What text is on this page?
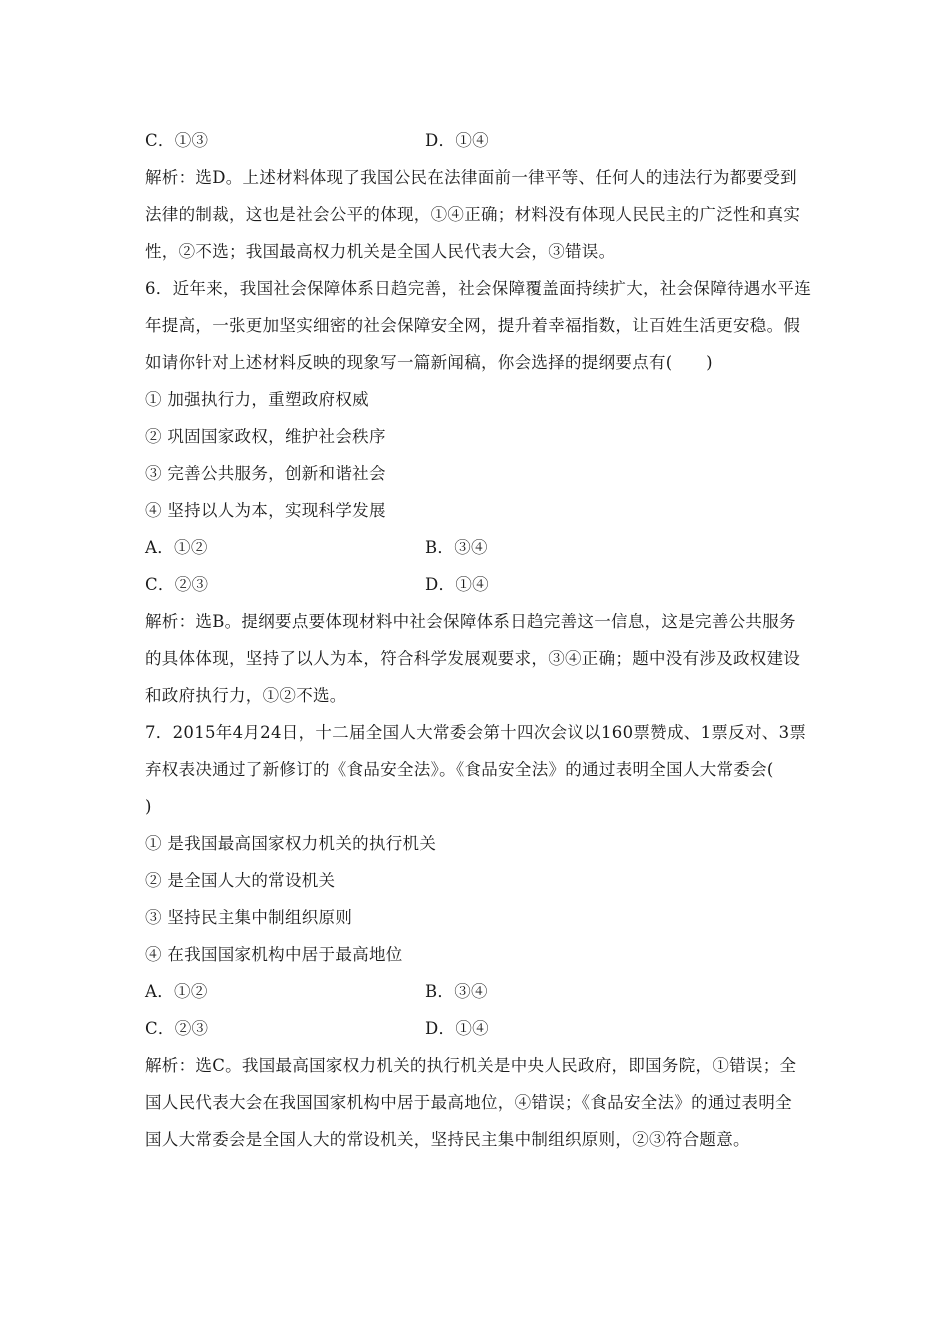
C．①③	D．①④
解析：选D。上述材料体现了我国公民在法律面前一律平等、任何人的违法行为都要受到
法律的制裁，这也是社会公平的体现，①④正确；材料没有体现人民民主的广泛性和真实
性，②不选；我国最高权力机关是全国人民代表大会，③错误。
6．近年来，我国社会保障体系日趋完善，社会保障覆盖面持续扩大，社会保障待遇水平连
年提高，一张更加坚实细密的社会保障安全网，提升着幸福指数，让百姓生活更安稳。假
如请你针对上述材料反映的现象写一篇新闻稿，你会选择的提纲要点有(　　)
① 加强执行力，重塑政府权威
② 巩固国家政权，维护社会秩序
③ 完善公共服务，创新和谐社会
④ 坚持以人为本，实现科学发展
A．①②	B．③④
C．②③	D．①④
解析：选B。提纲要点要体现材料中社会保障体系日趋完善这一信息，这是完善公共服务
的具体体现，坚持了以人为本，符合科学发展观要求，③④正确；题中没有涉及政权建设
和政府执行力，①②不选。
7．2015年4月24日，十二届全国人大常委会第十四次会议以160票赞成、1票反对、3票
弃权表决通过了新修订的《食品安全法》。《食品安全法》的通过表明全国人大常委会(
)
① 是我国最高国家权力机关的执行机关
② 是全国人大的常设机关
③ 坚持民主集中制组织原则
④ 在我国国家机构中居于最高地位
A．①②	B．③④
C．②③	D．①④
解析：选C。我国最高国家权力机关的执行机关是中央人民政府，即国务院，①错误；全
国人民代表大会在我国国家机构中居于最高地位，④错误；《食品安全法》的通过表明全
国人大常委会是全国人大的常设机关，坚持民主集中制组织原则，②③符合题意。
